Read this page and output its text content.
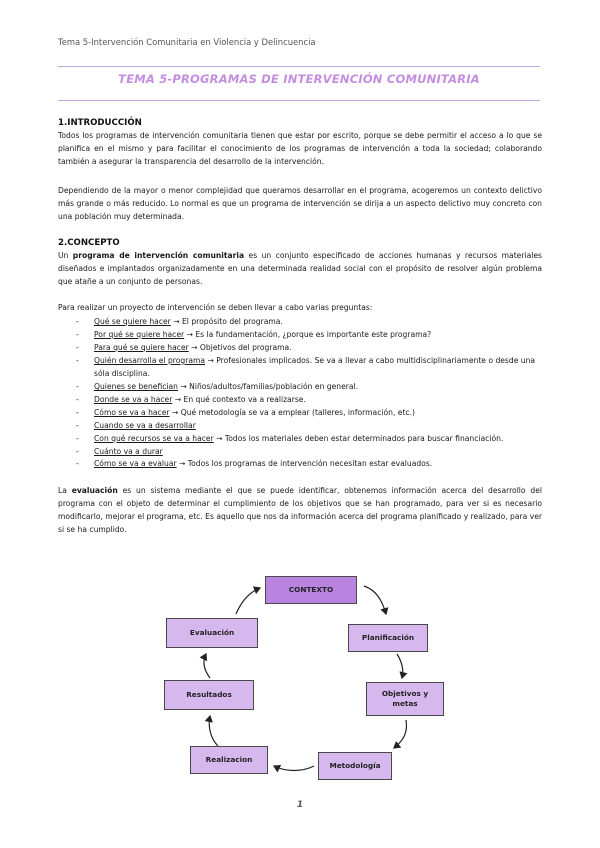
Tema 5-Intervención Comunitaria en Violencia y Delincuencia
TEMA 5-PROGRAMAS DE INTERVENCIÓN COMUNITARIA
1.INTRODUCCIÓN

Todos los programas de intervención comunitaria tienen que estar por escrito, porque se debe permitir el acceso a lo que se planifica en el mismo y para facilitar el conocimiento de los programas de intervención a toda la sociedad; colaborando también a asegurar la transparencia del desarrollo de la intervención.

Dependiendo de la mayor o menor complejidad que queramos desarrollar en el programa, acogeremos un contexto delictivo más grande o más reducido. Lo normal es que un programa de intervención se dirija a un aspecto delictivo muy concreto con una población muy determinada.

2.CONCEPTO

Un programa de intervención comunitaria es un conjunto especificado de acciones humanas y recursos materiales diseñados e implantados organizadamente en una determinada realidad social con el propósito de resolver algún problema que atañe a un conjunto de personas.

Para realizar un proyecto de intervención se deben llevar a cabo varias preguntas:

- Qué se quiere hacer → El propósito del programa.
- Por qué se quiere hacer → Es la fundamentación, ¿porque es importante este programa?
- Para qué se quiere hacer → Objetivos del programa.
- Quién desarrolla el programa → Profesionales implicados. Se va a llevar a cabo multidisciplinariamente o desde una sóla disciplina.
- Quienes se benefician → Niños/adultos/familias/población en general.
- Donde se va a hacer → En qué contexto va a realizarse.
- Cómo se va a hacer → Qué metodología se va a emplear (talleres, información, etc.)
- Cuando se va a desarrollar
- Con qué recursos se va a hacer → Todos los materiales deben estar determinados para buscar financiación.
- Cuánto va a durar
- Cómo se va a evaluar → Todos los programas de intervención necesitan estar evaluados.

La evaluación es un sistema mediante el que se puede identificar, obtenemos información acerca del desarrollo del programa con el objeto de determinar el cumplimiento de los objetivos que se han programado, para ver si es necesario modificarlo, mejorar el programa, etc. Es aquello que nos da información acerca del programa planificado y realizado, para ver si se ha cumplido.

CONTEXTO
Planificación
Objetivos y
metas
Metodología
Realizacion
Resultados
Evaluación
1
